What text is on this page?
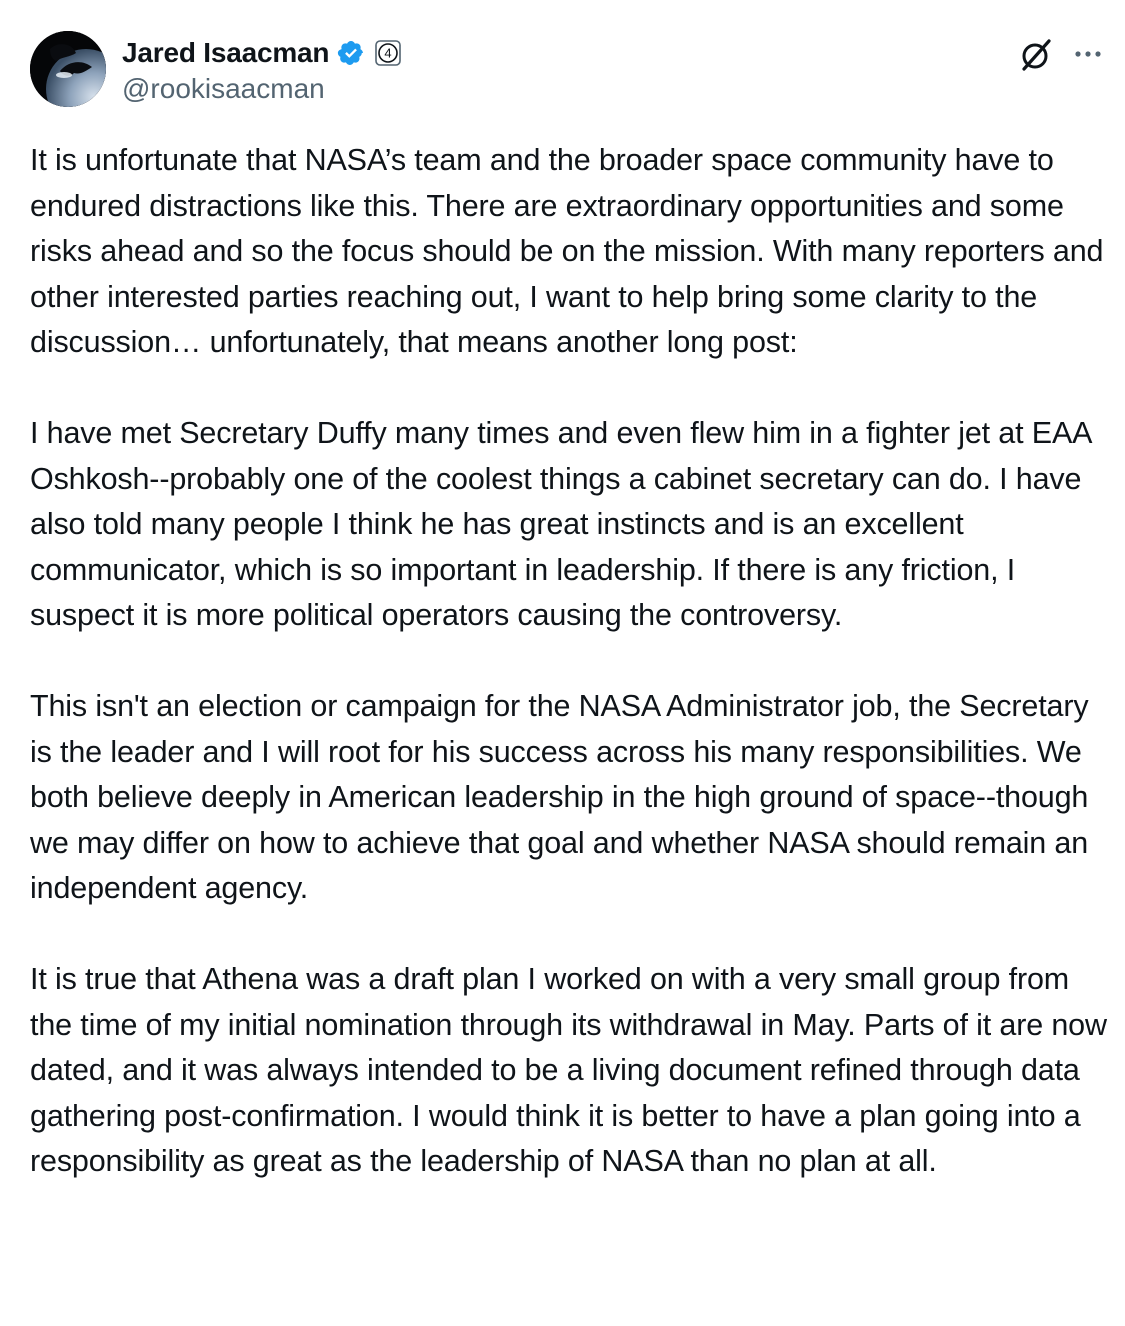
Jared Isaacman	4
@rookisaacman

It is unfortunate that NASA’s team and the broader space community have to endured distractions like this. There are extraordinary opportunities and some risks ahead and so the focus should be on the mission. With many reporters and other interested parties reaching out, I want to help bring some clarity to the discussion… unfortunately, that means another long post:

I have met Secretary Duffy many times and even flew him in a fighter jet at EAA Oshkosh--probably one of the coolest things a cabinet secretary can do. I have also told many people I think he has great instincts and is an excellent communicator, which is so important in leadership. If there is any friction, I suspect it is more political operators causing the controversy.

This isn't an election or campaign for the NASA Administrator job, the Secretary is the leader and I will root for his success across his many responsibilities. We both believe deeply in American leadership in the high ground of space--though we may differ on how to achieve that goal and whether NASA should remain an independent agency.

It is true that Athena was a draft plan I worked on with a very small group from the time of my initial nomination through its withdrawal in May. Parts of it are now dated, and it was always intended to be a living document refined through data gathering post-confirmation. I would think it is better to have a plan going into a responsibility as great as the leadership of NASA than no plan at all.
